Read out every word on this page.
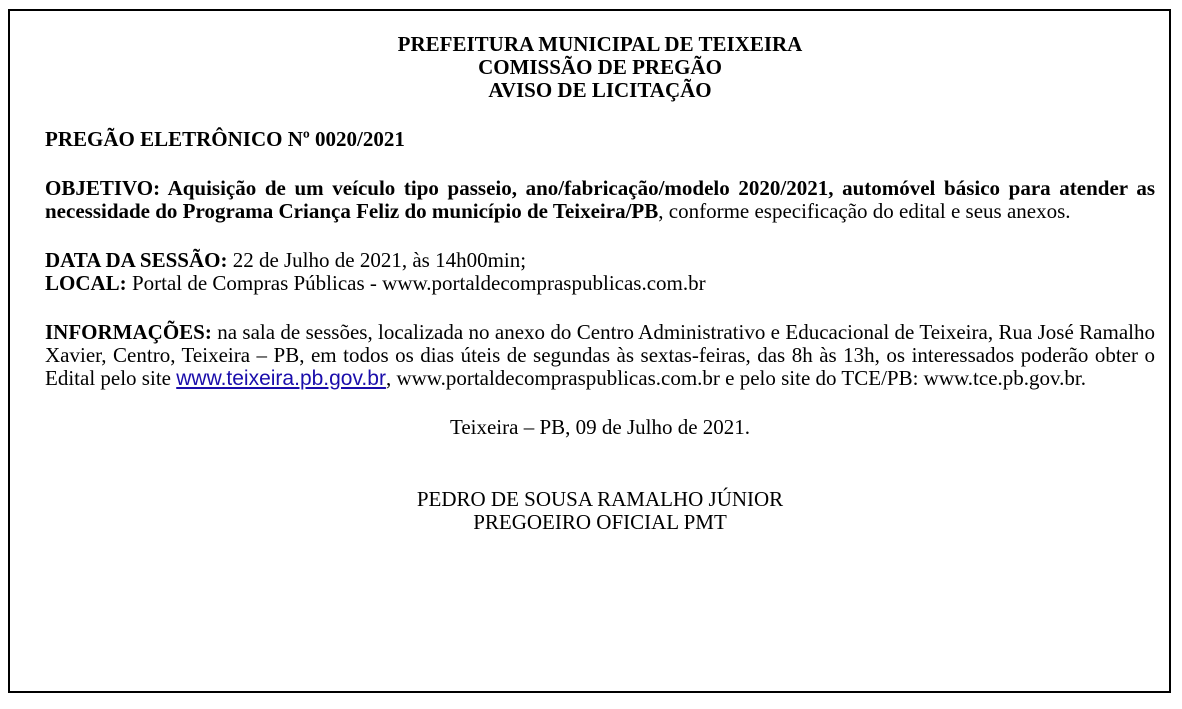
PREFEITURA MUNICIPAL DE TEIXEIRA
COMISSÃO DE PREGÃO
AVISO DE LICITAÇÃO

PREGÃO ELETRÔNICO Nº 0020/2021

OBJETIVO: Aquisição de um veículo tipo passeio, ano/fabricação/modelo 2020/2021, automóvel básico para atender as necessidade do Programa Criança Feliz do município de Teixeira/PB, conforme especificação do edital e seus anexos.

DATA DA SESSÃO: 22 de Julho de 2021, às 14h00min;

LOCAL: Portal de Compras Públicas - www.portaldecompraspublicas.com.br

INFORMAÇÕES: na sala de sessões, localizada no anexo do Centro Administrativo e Educacional de Teixeira, Rua José Ramalho Xavier, Centro, Teixeira – PB, em todos os dias úteis de segundas às sextas-feiras, das 8h às 13h, os interessados poderão obter o Edital pelo site www.teixeira.pb.gov.br, www.portaldecompraspublicas.com.br e pelo site do TCE/PB: www.tce.pb.gov.br.

Teixeira – PB, 09 de Julho de 2021.

PEDRO DE SOUSA RAMALHO JÚNIOR
PREGOEIRO OFICIAL PMT
